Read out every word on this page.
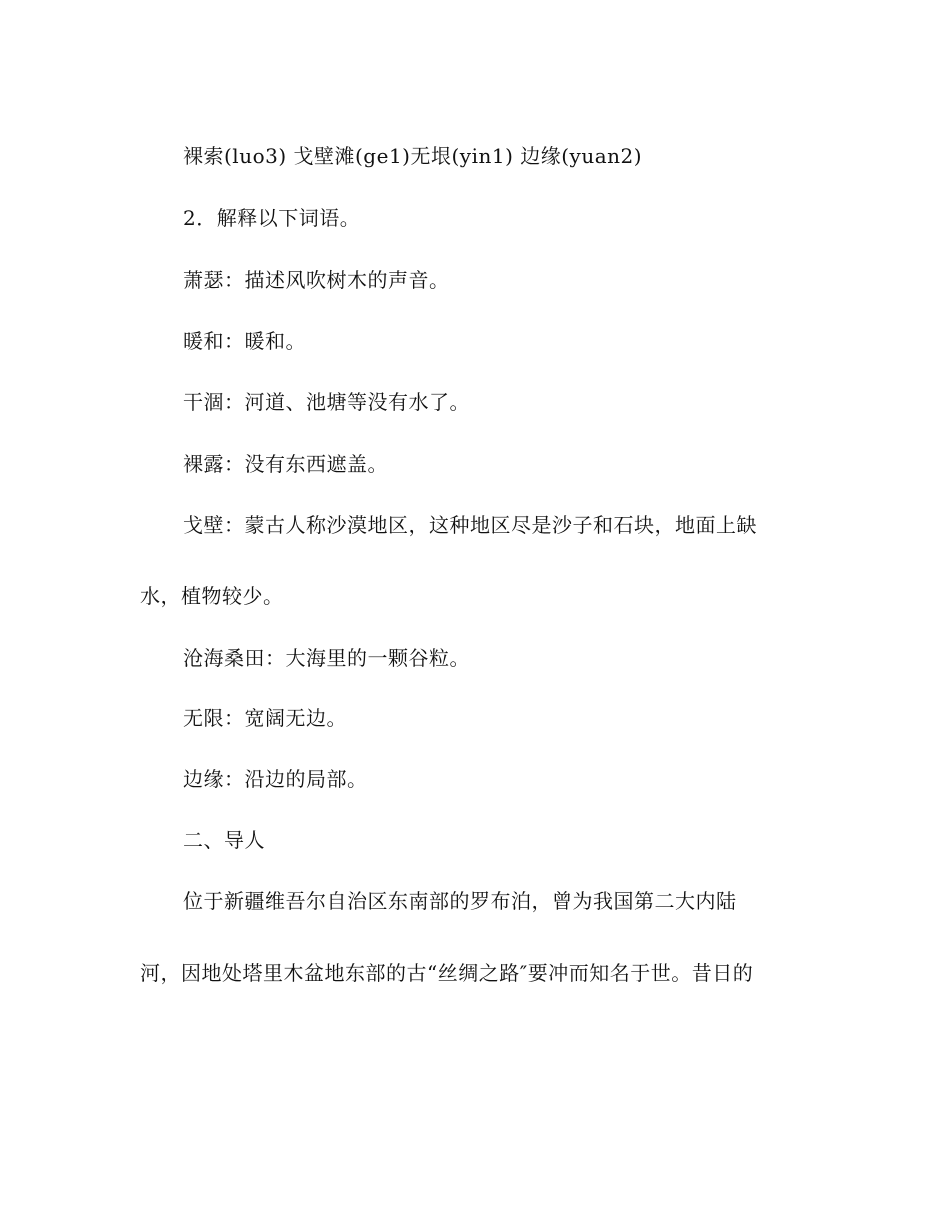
裸索(luo3) 戈壁滩(ge1)无垠(yin1) 边缘(yuan2)
2．解释以下词语。
萧瑟：描述风吹树木的声音。
暖和：暖和。
干涸：河道、池塘等没有水了。
裸露：没有东西遮盖。
戈壁：蒙古人称沙漠地区，这种地区尽是沙子和石块，地面上缺
水，植物较少。
沧海桑田：大海里的一颗谷粒。
无限：宽阔无边。
边缘：沿边的局部。
二、导人
位于新疆维吾尔自治区东南部的罗布泊，曾为我国第二大内陆
河，因地处塔里木盆地东部的古“丝绸之路″要冲而知名于世。昔日的
